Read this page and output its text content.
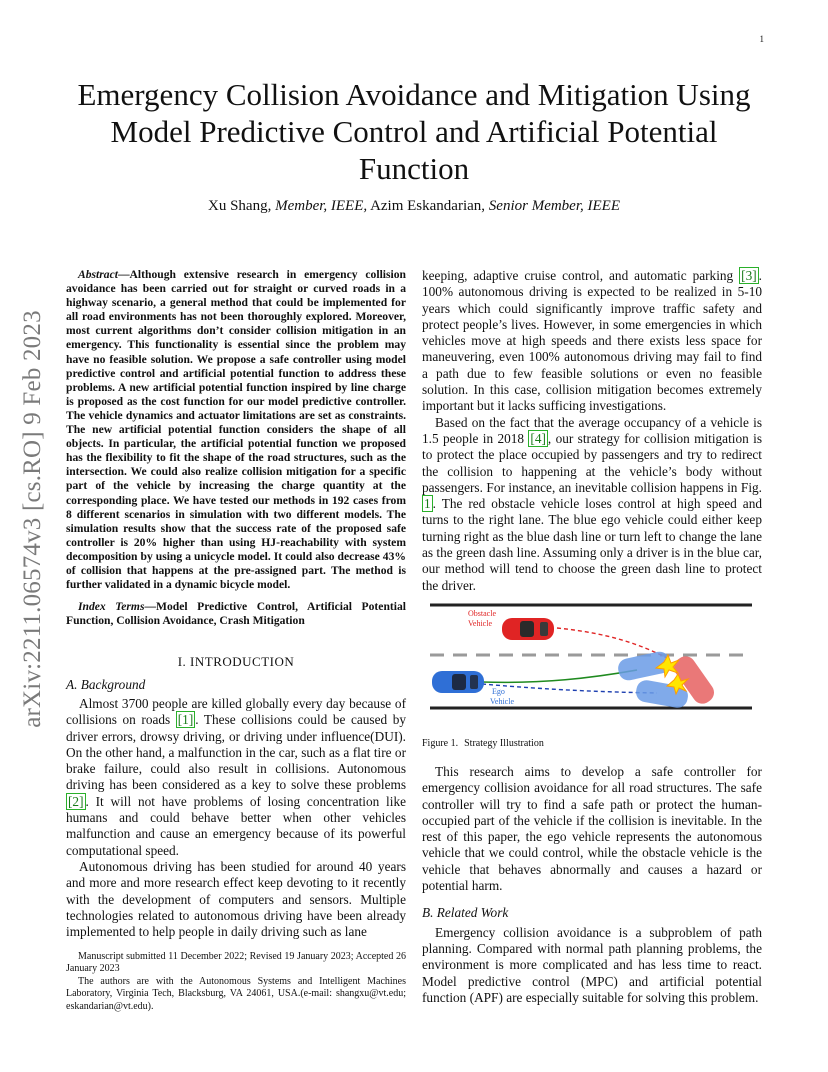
1
Emergency Collision Avoidance and Mitigation Using Model Predictive Control and Artificial Potential Function
Xu Shang, Member, IEEE, Azim Eskandarian, Senior Member, IEEE
arXiv:2211.06574v3 [cs.RO] 9 Feb 2023

Abstract—Although extensive research in emergency collision avoidance has been carried out for straight or curved roads in a highway scenario, a general method that could be implemented for all road environments has not been thoroughly explored. Moreover, most current algorithms don’t consider collision mitigation in an emergency. This functionality is essential since the problem may have no feasible solution. We propose a safe controller using model predictive control and artificial potential function to address these problems. A new artificial potential function inspired by line charge is proposed as the cost function for our model predictive controller. The vehicle dynamics and actuator limitations are set as constraints. The new artificial potential function considers the shape of all objects. In particular, the artificial potential function we proposed has the flexibility to fit the shape of the road structures, such as the intersection. We could also realize collision mitigation for a specific part of the vehicle by increasing the charge quantity at the corresponding place. We have tested our methods in 192 cases from 8 different scenarios in simulation with two different models. The simulation results show that the success rate of the proposed safe controller is 20% higher than using HJ-reachability with system decomposition by using a unicycle model. It could also decrease 43% of collision that happens at the pre-assigned part. The method is further validated in a dynamic bicycle model.

Index Terms—Model Predictive Control, Artificial Potential Function, Collision Avoidance, Crash Mitigation

I. INTRODUCTION
A. Background

Almost 3700 people are killed globally every day because of collisions on roads [1] . These collisions could be caused by driver errors, drowsy driving, or driving under influence(DUI). On the other hand, a malfunction in the car, such as a flat tire or brake failure, could also result in collisions. Autonomous driving has been considered as a key to solve these problems [2] . It will not have problems of losing concentration like humans and could behave better when other vehicles malfunction and cause an emergency because of its powerful computational speed.

Autonomous driving has been studied for around 40 years and more and more research effect keep devoting to it recently with the development of computers and sensors. Multiple technologies related to autonomous driving have been already implemented to help people in daily driving such as lane

Manuscript submitted 11 December 2022; Revised 19 January 2023; Accepted 26 January 2023

The authors are with the Autonomous Systems and Intelligent Machines Laboratory, Virginia Tech, Blacksburg, VA 24061, USA.(e-mail: shangxu@vt.edu; eskandarian@vt.edu).

keeping, adaptive cruise control, and automatic parking [3] . 100% autonomous driving is expected to be realized in 5-10 years which could significantly improve traffic safety and protect people’s lives. However, in some emergencies in which vehicles move at high speeds and there exists less space for maneuvering, even 100% autonomous driving may fail to find a path due to few feasible solutions or even no feasible solution. In this case, collision mitigation becomes extremely important but it lacks sufficing investigations.

Based on the fact that the average occupancy of a vehicle is 1.5 people in 2018 [4] , our strategy for collision mitigation is to protect the place occupied by passengers and try to redirect the collision to happening at the vehicle’s body without passengers. For instance, an inevitable collision happens in Fig. 1 . The red obstacle vehicle loses control at high speed and turns to the right lane. The blue ego vehicle could either keep turning right as the blue dash line or turn left to change the lane as the green dash line. Assuming only a driver is in the blue car, our method will tend to choose the green dash line to protect the driver.

Obstacle
Vehicle
Ego
Vehicle
Figure 1. Strategy Illustration

This research aims to develop a safe controller for emergency collision avoidance for all road structures. The safe controller will try to find a safe path or protect the human-occupied part of the vehicle if the collision is inevitable. In the rest of this paper, the ego vehicle represents the autonomous vehicle that we could control, while the obstacle vehicle is the vehicle that behaves abnormally and causes a hazard or potential harm.

B. Related Work

Emergency collision avoidance is a subproblem of path planning. Compared with normal path planning problems, the environment is more complicated and has less time to react. Model predictive control (MPC) and artificial potential function (APF) are especially suitable for solving this problem.
